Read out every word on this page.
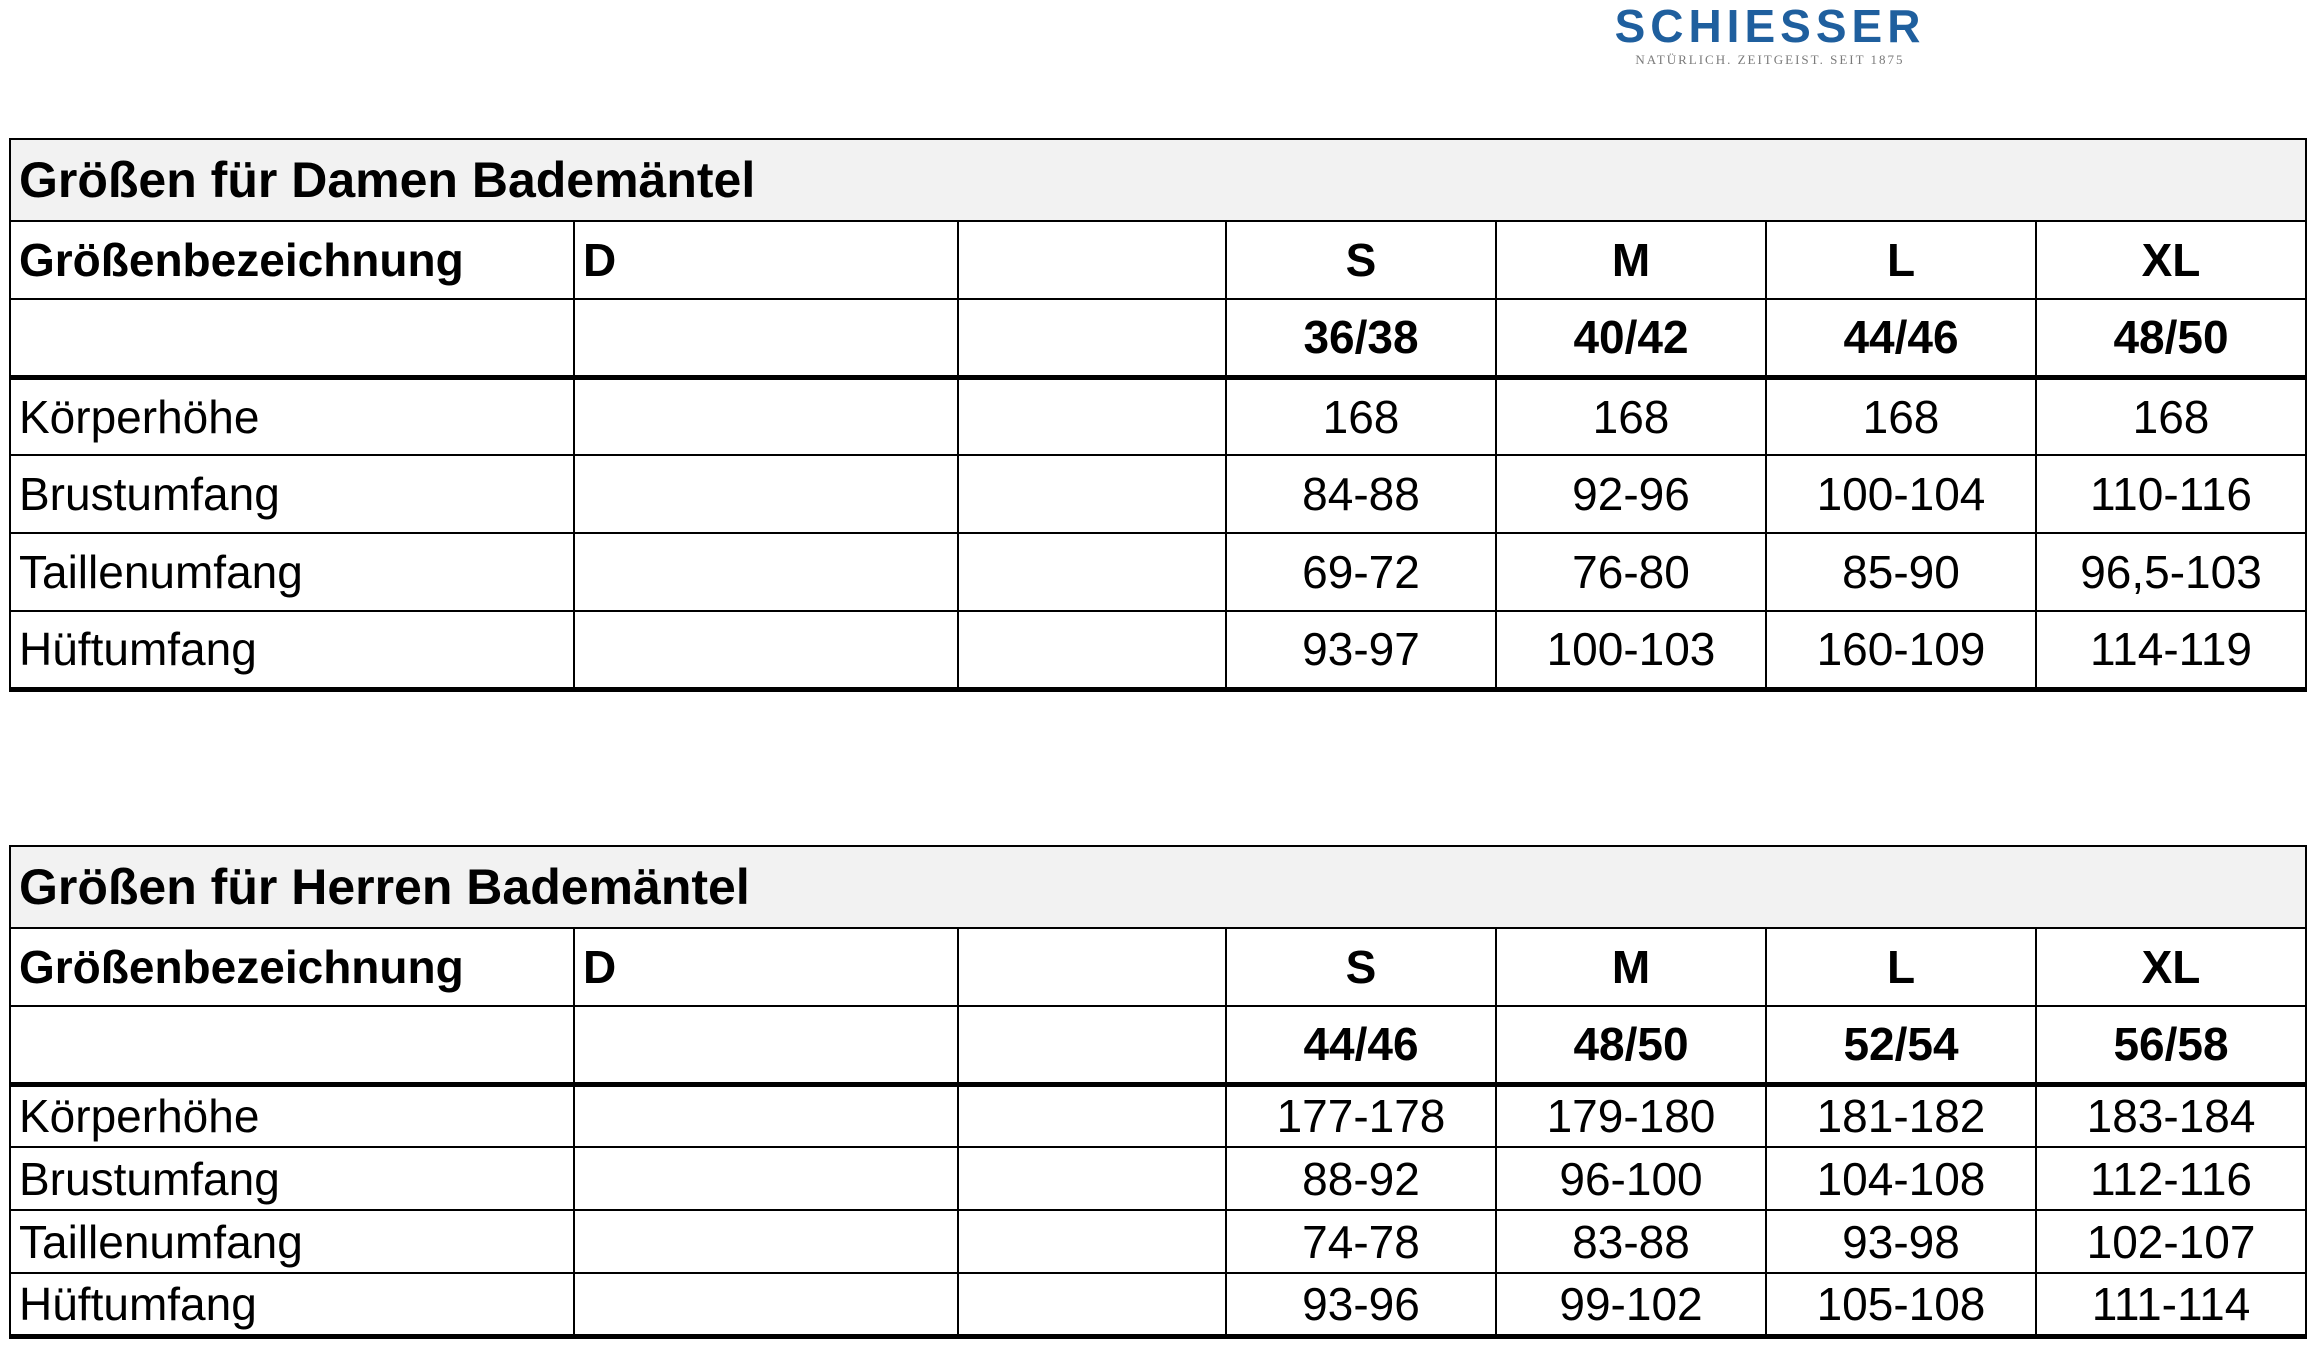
SCHIESSER
NATÜRLICH. ZEITGEIST. SEIT 1875
Größen für Damen Bademäntel						
Größenbezeichnung	D		S	M	L	XL
			36/38	40/42	44/46	48/50
Körperhöhe			168	168	168	168
Brustumfang			84-88	92-96	100-104	110-116
Taillenumfang			69-72	76-80	85-90	96,5-103
Hüftumfang			93-97	100-103	160-109	114-119
Größen für Herren Bademäntel						
Größenbezeichnung	D		S	M	L	XL
			44/46	48/50	52/54	56/58
Körperhöhe			177-178	179-180	181-182	183-184
Brustumfang			88-92	96-100	104-108	112-116
Taillenumfang			74-78	83-88	93-98	102-107
Hüftumfang			93-96	99-102	105-108	111-114
